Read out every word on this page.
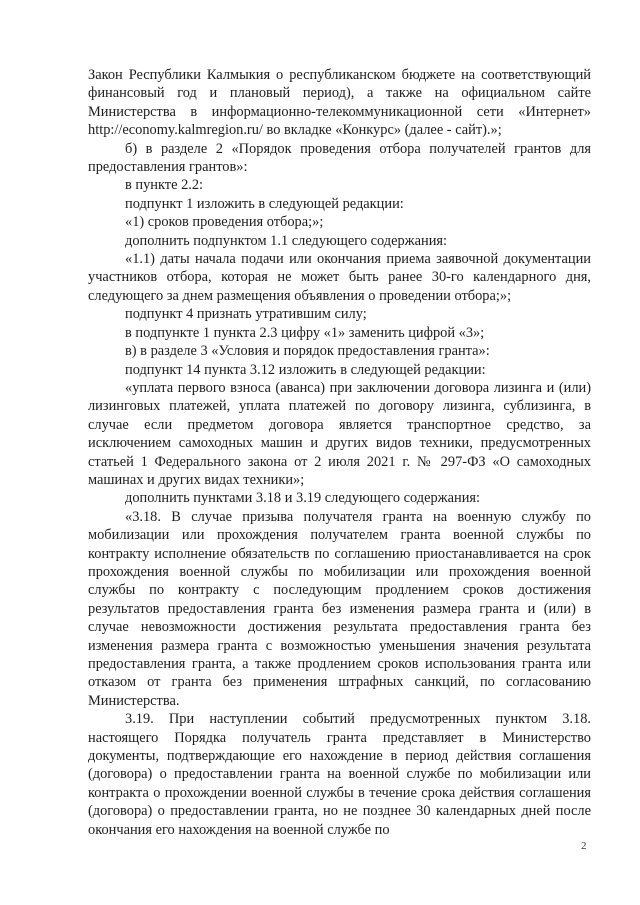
Закон Республики Калмыкия о республиканском бюджете на соответствующий финансовый год и плановый период), а также на официальном сайте Министерства в информационно-телекоммуникационной сети «Интернет» http://economy.kalmregion.ru/ во вкладке «Конкурс» (далее - сайт).»;

б) в разделе 2 «Порядок проведения отбора получателей грантов для предоставления грантов»:

в пункте 2.2:

подпункт 1 изложить в следующей редакции:

«1) сроков проведения отбора;»;

дополнить подпунктом 1.1 следующего содержания:

«1.1) даты начала подачи или окончания приема заявочной документации участников отбора, которая не может быть ранее 30-го календарного дня, следующего за днем размещения объявления о проведении отбора;»;

подпункт 4 признать утратившим силу;

в подпункте 1 пункта 2.3 цифру «1» заменить цифрой «3»;

в) в разделе 3 «Условия и порядок предоставления гранта»:

подпункт 14 пункта 3.12 изложить в следующей редакции:

«уплата первого взноса (аванса) при заключении договора лизинга и (или) лизинговых платежей, уплата платежей по договору лизинга, сублизинга, в случае если предметом договора является транспортное средство, за исключением самоходных машин и других видов техники, предусмотренных статьей 1 Федерального закона от 2 июля 2021 г. № 297-ФЗ «О самоходных машинах и других видах техники»;

дополнить пунктами 3.18 и 3.19 следующего содержания:

«3.18. В случае призыва получателя гранта на военную службу по мобилизации или прохождения получателем гранта военной службы по контракту исполнение обязательств по соглашению приостанавливается на срок прохождения военной службы по мобилизации или прохождения военной службы по контракту с последующим продлением сроков достижения результатов предоставления гранта без изменения размера гранта и (или) в случае невозможности достижения результата предоставления гранта без изменения размера гранта с возможностью уменьшения значения результата предоставления гранта, а также продлением сроков использования гранта или отказом от гранта без применения штрафных санкций, по согласованию Министерства.

3.19. При наступлении событий предусмотренных пунктом 3.18. настоящего Порядка получатель гранта представляет в Министерство документы, подтверждающие его нахождение в период действия соглашения (договора) о предоставлении гранта на военной службе по мобилизации или контракта о прохождении военной службы в течение срока действия соглашения (договора) о предоставлении гранта, но не позднее 30 календарных дней после окончания его нахождения на военной службе по

2
